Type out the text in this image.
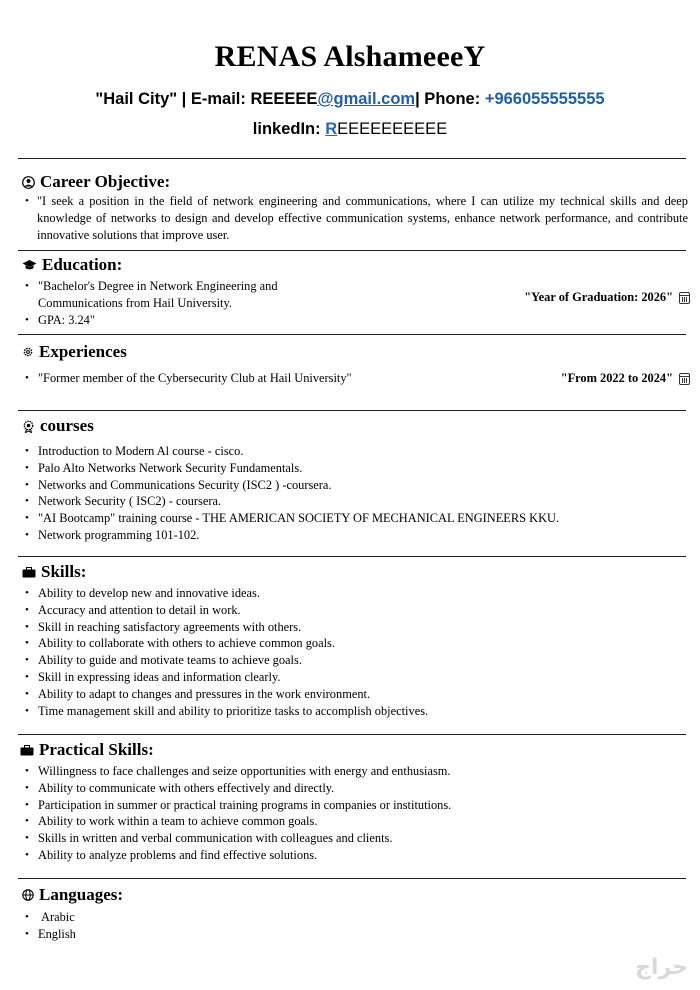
RENAS AlshameeeY
"Hail City" | E-mail: REEEEE@gmail.com| Phone: +966055555555
linkedIn: REEEEEEEEEE
Career Objective:
• "I seek a position in the field of network engineering and communications, where I can utilize my technical skills and deep knowledge of networks to design and develop effective communication systems, enhance network performance, and contribute innovative solutions that improve user.
Education:
• "Bachelor's Degree in Network Engineering and Communications from Hail University.
• GPA: 3.24"
"Year of Graduation: 2026"
Experiences
• "Former member of the Cybersecurity Club at Hail University"	"From 2022 to 2024"
courses
• Introduction to Modern Al course - cisco.
• Palo Alto Networks Network Security Fundamentals.
• Networks and Communications Security (ISC2 ) -coursera.
• Network Security ( ISC2) - coursera.
• "AI Bootcamp" training course - THE AMERICAN SOCIETY OF MECHANICAL ENGINEERS KKU.
• Network programming 101-102.
Skills:
• Ability to develop new and innovative ideas.
• Accuracy and attention to detail in work.
• Skill in reaching satisfactory agreements with others.
• Ability to collaborate with others to achieve common goals.
• Ability to guide and motivate teams to achieve goals.
• Skill in expressing ideas and information clearly.
• Ability to adapt to changes and pressures in the work environment.
• Time management skill and ability to prioritize tasks to accomplish objectives.
Practical Skills:
• Willingness to face challenges and seize opportunities with energy and enthusiasm.
• Ability to communicate with others effectively and directly.
• Participation in summer or practical training programs in companies or institutions.
• Ability to work within a team to achieve common goals.
• Skills in written and verbal communication with colleagues and clients.
• Ability to analyze problems and find effective solutions.
Languages:
• Arabic
• English
حراج
